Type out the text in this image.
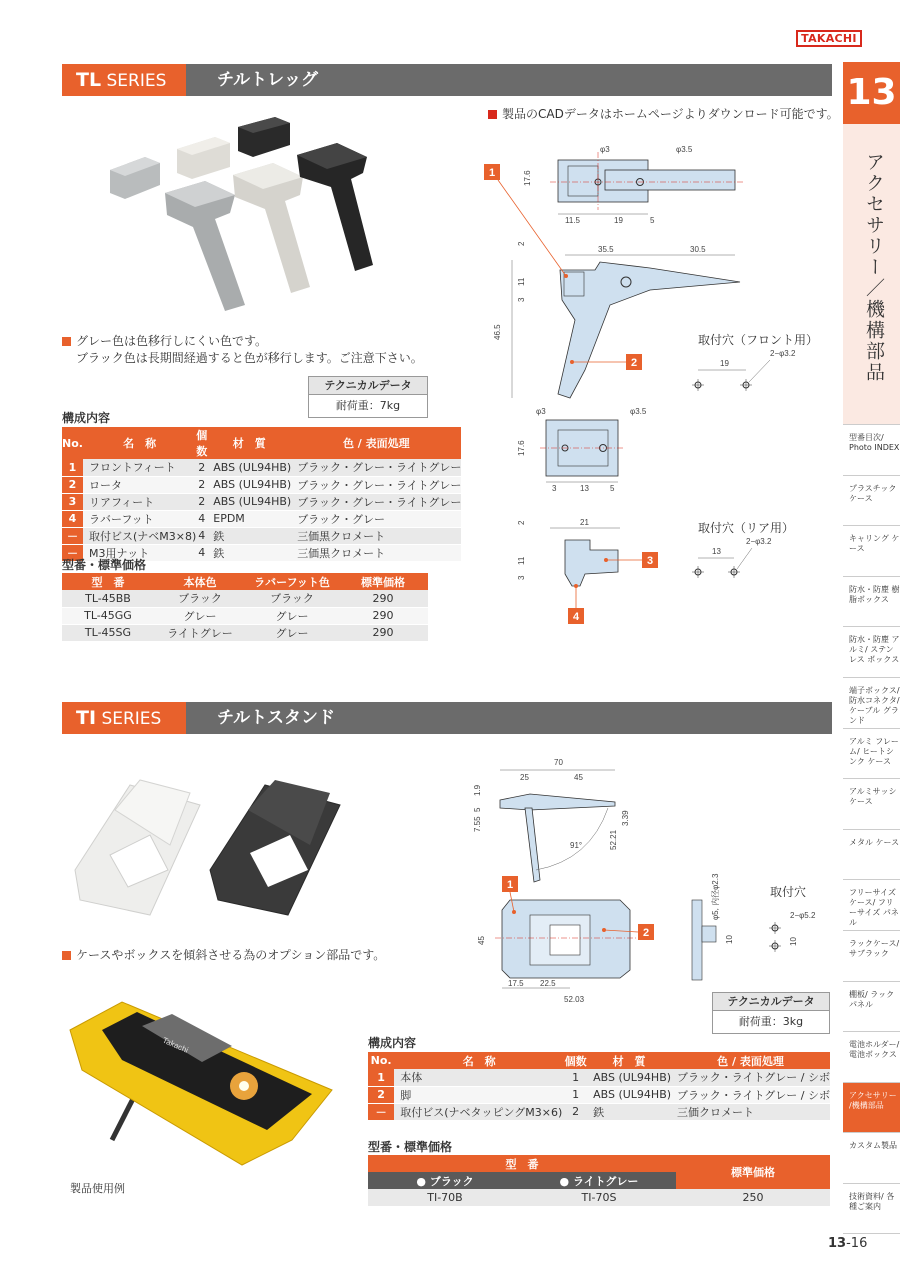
TAKACHI
13
アクセサリー／機構部品
型番目次/ Photo INDEX
プラスチック ケース
キャリング ケース
防水・防塵 樹脂ボックス
防水・防塵 アルミ/ ステンレス ボックス
端子ボックス/ 防水コネクタ/ ケーブル グランド
アルミ フレーム/ ヒートシンク ケース
アルミサッシ ケース
メタル ケース
フリーサイズ ケース/ フリーサイズ パネル
ラックケース/ サブラック
棚板/ ラックパネル
電池ホルダー/ 電池ボックス
アクセサリー /機構部品
カスタム製品
技術資料/ 各種ご案内
TL SERIES	チルトレッグ
製品のCADデータはホームページよりダウンロード可能です。
φ3	φ3.5
17.6
11.5	19	5
35.5	30.5
2
11
3
46.5
φ3	φ3.5
17.6
3	13	5
21
2
11
3
1
2
3
4
取付穴（フロント用）
19
2−φ3.2
取付穴（リア用）
13
2−φ3.2
グレー色は色移行しにくい色です。
ブラック色は長期間経過すると色が移行します。ご注意下さい。
テクニカルデータ
耐荷重：7kg
構成内容
No.	名　称	個数	材　質	色 / 表面処理
1	フロントフィート	2	ABS (UL94HB)	ブラック・グレー・ライトグレー
2	ロータ	2	ABS (UL94HB)	ブラック・グレー・ライトグレー
3	リアフィート	2	ABS (UL94HB)	ブラック・グレー・ライトグレー
4	ラバーフット	4	EPDM	ブラック・グレー
－	取付ビス(ナベM3×8)	4	鉄	三価黒クロメート
－	M3用ナット	4	鉄	三価黒クロメート
型番・標準価格
型　番	本体色	ラバーフット色	標準価格
TL-45BB	ブラック	ブラック	290
TL-45GG	グレー	グレー	290
TL-45SG	ライトグレー	グレー	290
TI SERIES	チルトスタンド
ケースやボックスを傾斜させる為のオプション部品です。
Takachi
製品使用例
70
25	45
1.9
5
7.55	3.39
52.21
91°
45
17.5 22.5
52.03
1
2
φ5, 内径φ2.3
10
取付穴
2−φ5.2
10
テクニカルデータ
耐荷重：3kg
構成内容
No.	名　称	個数	材　質	色 / 表面処理
1	本体	1	ABS (UL94HB)	ブラック・ライトグレー / シボ
2	脚	1	ABS (UL94HB)	ブラック・ライトグレー / シボ
－	取付ビス(ナベタッピングM3×6)	2	鉄	三価クロメート
型番・標準価格
型　番		標準価格
● ブラック	● ライトグレー	
TI-70B	TI-70S	250
13-16
